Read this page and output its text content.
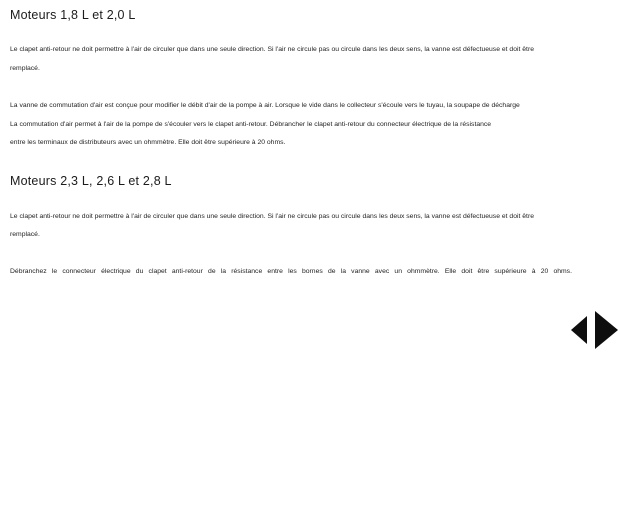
Moteurs 1,8 L et 2,0 L
Le clapet anti-retour ne doit permettre à l'air de circuler que dans une seule direction. Si l'air ne circule pas ou circule dans les deux sens, la vanne est défectueuse et doit être
remplacé.
La vanne de commutation d'air est conçue pour modifier le débit d'air de la pompe à air. Lorsque le vide dans le collecteur s'écoule vers le tuyau, la soupape de décharge
La commutation d'air permet à l'air de la pompe de s'écouler vers le clapet anti-retour. Débrancher le clapet anti-retour du connecteur électrique de la résistance
entre les terminaux de distributeurs avec un ohmmètre. Elle doit être supérieure à 20 ohms.
Moteurs 2,3 L, 2,6 L et 2,8 L
Le clapet anti-retour ne doit permettre à l'air de circuler que dans une seule direction. Si l'air ne circule pas ou circule dans les deux sens, la vanne est défectueuse et doit être
remplacé.
Débranchez le connecteur électrique du clapet anti-retour de la résistance entre les bornes de la vanne avec un ohmmètre. Elle doit être supérieure à 20 ohms.
